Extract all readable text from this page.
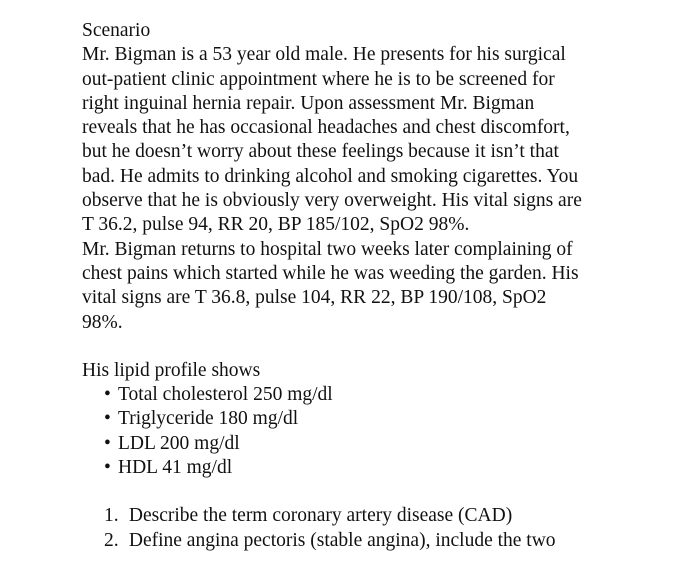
Scenario
Mr. Bigman is a 53 year old male. He presents for his surgical
out-patient clinic appointment where he is to be screened for
right inguinal hernia repair. Upon assessment Mr. Bigman
reveals that he has occasional headaches and chest discomfort,
but he doesn’t worry about these feelings because it isn’t that
bad. He admits to drinking alcohol and smoking cigarettes. You
observe that he is obviously very overweight. His vital signs are
T 36.2, pulse 94, RR 20, BP 185/102, SpO2 98%.
Mr. Bigman returns to hospital two weeks later complaining of
chest pains which started while he was weeding the garden. His
vital signs are T 36.8, pulse 104, RR 22, BP 190/108, SpO2
98%.
His lipid profile shows
• Total cholesterol 250 mg/dl
• Triglyceride 180 mg/dl
• LDL 200 mg/dl
• HDL 41 mg/dl
1. Describe the term coronary artery disease (CAD)
2. Define angina pectoris (stable angina), include the two
